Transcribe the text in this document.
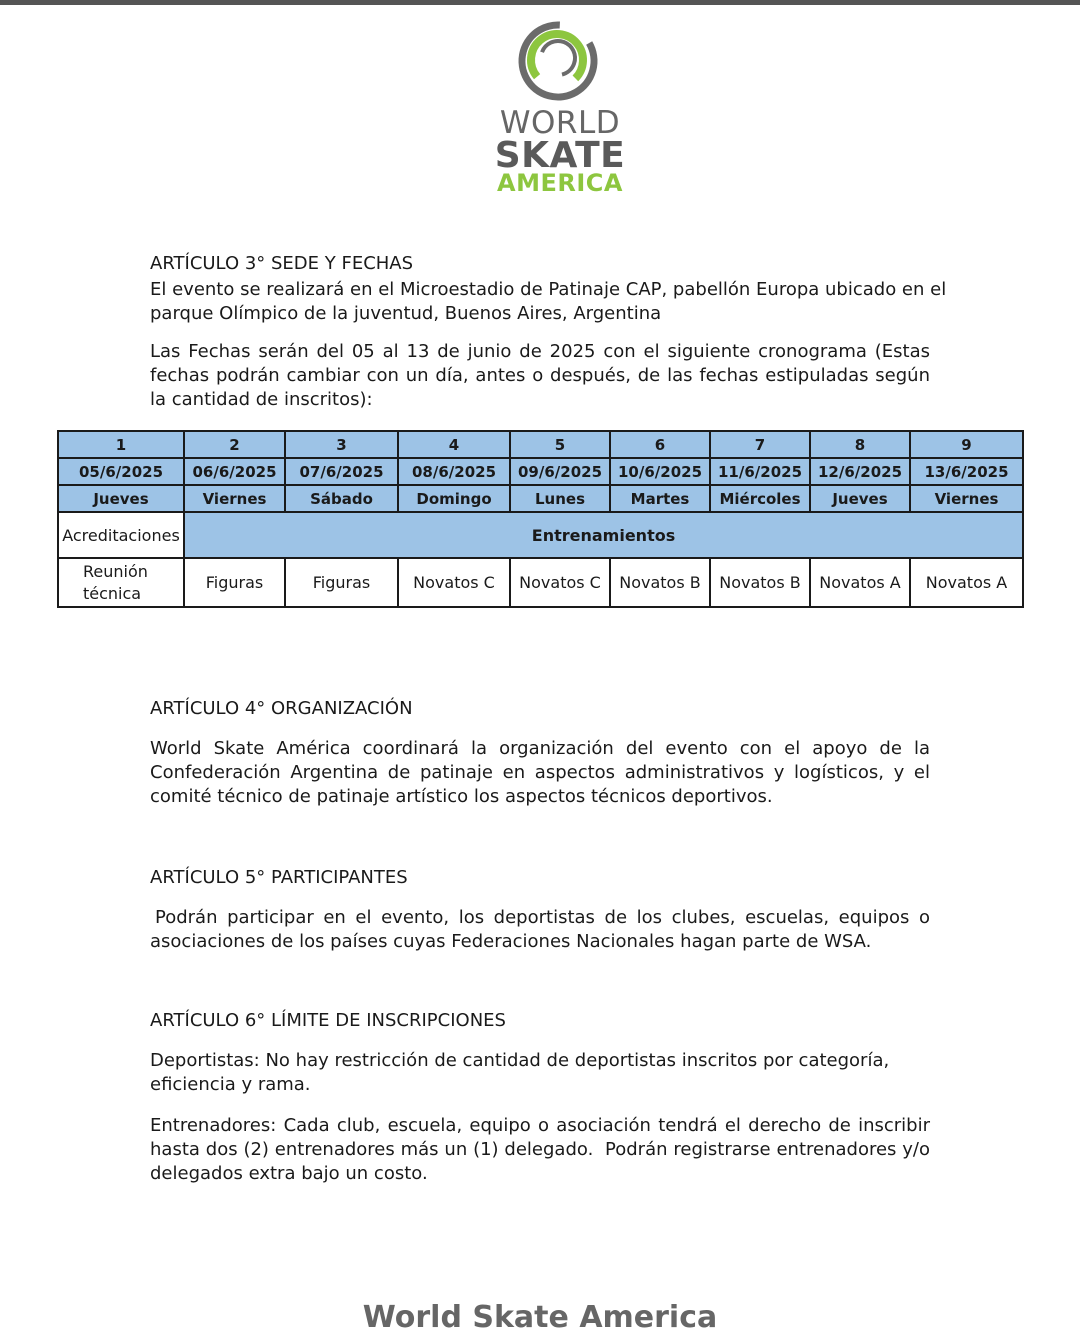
WORLD
SKATE
AMERICA
ARTÍCULO 3° SEDE Y FECHAS
El evento se realizará en el Microestadio de Patinaje CAP, pabellón Europa ubicado en el parque Olímpico de la juventud, Buenos Aires, Argentina
Las Fechas serán del 05 al 13 de junio de 2025 con el siguiente cronograma (Estas fechas podrán cambiar con un día, antes o después, de las fechas estipuladas según la cantidad de inscritos):
1	2	3	4	5	6	7	8	9
05/6/2025	06/6/2025	07/6/2025	08/6/2025	09/6/2025	10/6/2025	11/6/2025	12/6/2025	13/6/2025
Jueves	Viernes	Sábado	Domingo	Lunes	Martes	Miércoles	Jueves	Viernes
Acreditaciones	Entrenamientos							
Reunión técnica	Figuras	Figuras	Novatos C	Novatos C	Novatos B	Novatos B	Novatos A	Novatos A
ARTÍCULO 4° ORGANIZACIÓN
World Skate América coordinará la organización del evento con el apoyo de la Confederación Argentina de patinaje en aspectos administrativos y logísticos, y el comité técnico de patinaje artístico los aspectos técnicos deportivos.
ARTÍCULO 5° PARTICIPANTES
Podrán participar en el evento, los deportistas de los clubes, escuelas, equipos o asociaciones de los países cuyas Federaciones Nacionales hagan parte de WSA.
ARTÍCULO 6° LÍMITE DE INSCRIPCIONES
Deportistas: No hay restricción de cantidad de deportistas inscritos por categoría, eficiencia y rama.
Entrenadores: Cada club, escuela, equipo o asociación tendrá el derecho de inscribir hasta dos (2) entrenadores más un (1) delegado.  Podrán registrarse entrenadores y/o delegados extra bajo un costo.
World Skate America
